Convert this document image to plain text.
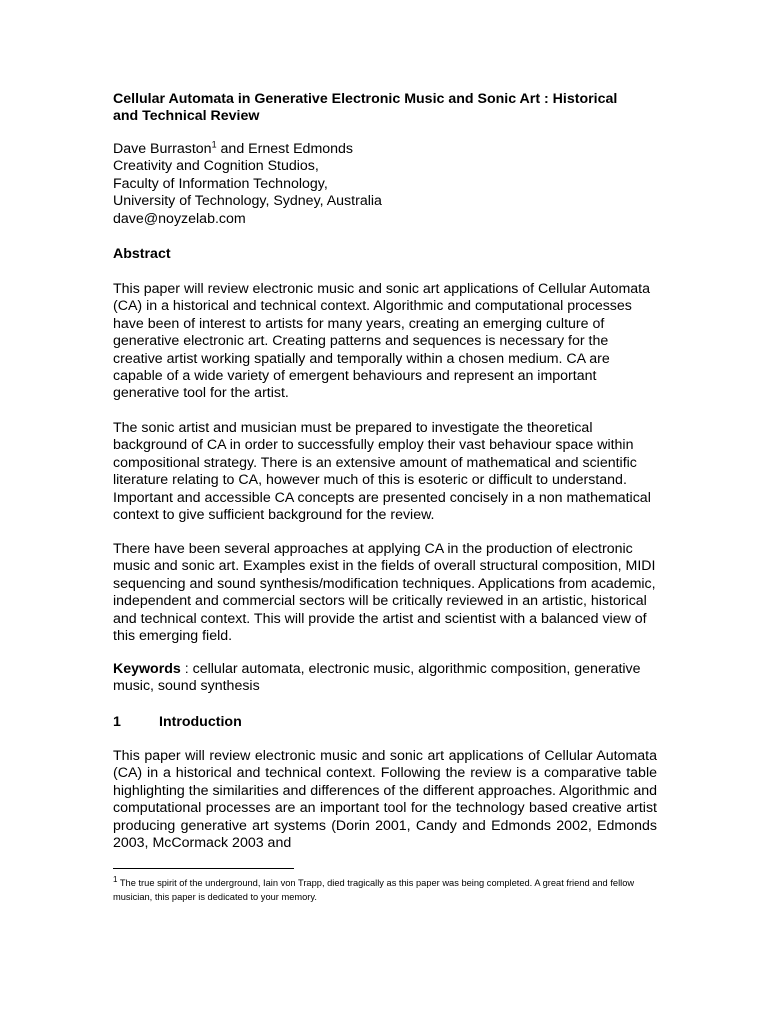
Cellular Automata in Generative Electronic Music and Sonic Art : Historical
and Technical Review
Dave Burraston$^1$ and Ernest Edmonds
Creativity and Cognition Studios,
Faculty of Information Technology,
University of Technology, Sydney, Australia
dave@noyzelab.com
Abstract

This paper will review electronic music and sonic art applications of Cellular Automata (CA) in a historical and technical context. Algorithmic and computational processes have been of interest to artists for many years, creating an emerging culture of generative electronic art. Creating patterns and sequences is necessary for the creative artist working spatially and temporally within a chosen medium. CA are capable of a wide variety of emergent behaviours and represent an important generative tool for the artist.

The sonic artist and musician must be prepared to investigate the theoretical background of CA in order to successfully employ their vast behaviour space within compositional strategy. There is an extensive amount of mathematical and scientific literature relating to CA, however much of this is esoteric or difficult to understand. Important and accessible CA concepts are presented concisely in a non mathematical context to give sufficient background for the review.

There have been several approaches at applying CA in the production of electronic music and sonic art. Examples exist in the fields of overall structural composition, MIDI sequencing and sound synthesis/modification techniques. Applications from academic, independent and commercial sectors will be critically reviewed in an artistic, historical and technical context. This will provide the artist and scientist with a balanced view of this emerging field.

Keywords : cellular automata, electronic music, algorithmic composition, generative music, sound synthesis
1	Introduction

This paper will review electronic music and sonic art applications of Cellular Automata (CA) in a historical and technical context. Following the review is a comparative table highlighting the similarities and differences of the different approaches. Algorithmic and computational processes are an important tool for the technology based creative artist producing generative art systems (Dorin 2001, Candy and Edmonds 2002, Edmonds 2003, McCormack 2003 and

$^1$ The true spirit of the underground, Iain von Trapp, died tragically as this paper was being completed. A great friend and fellow musician, this paper is dedicated to your memory.
